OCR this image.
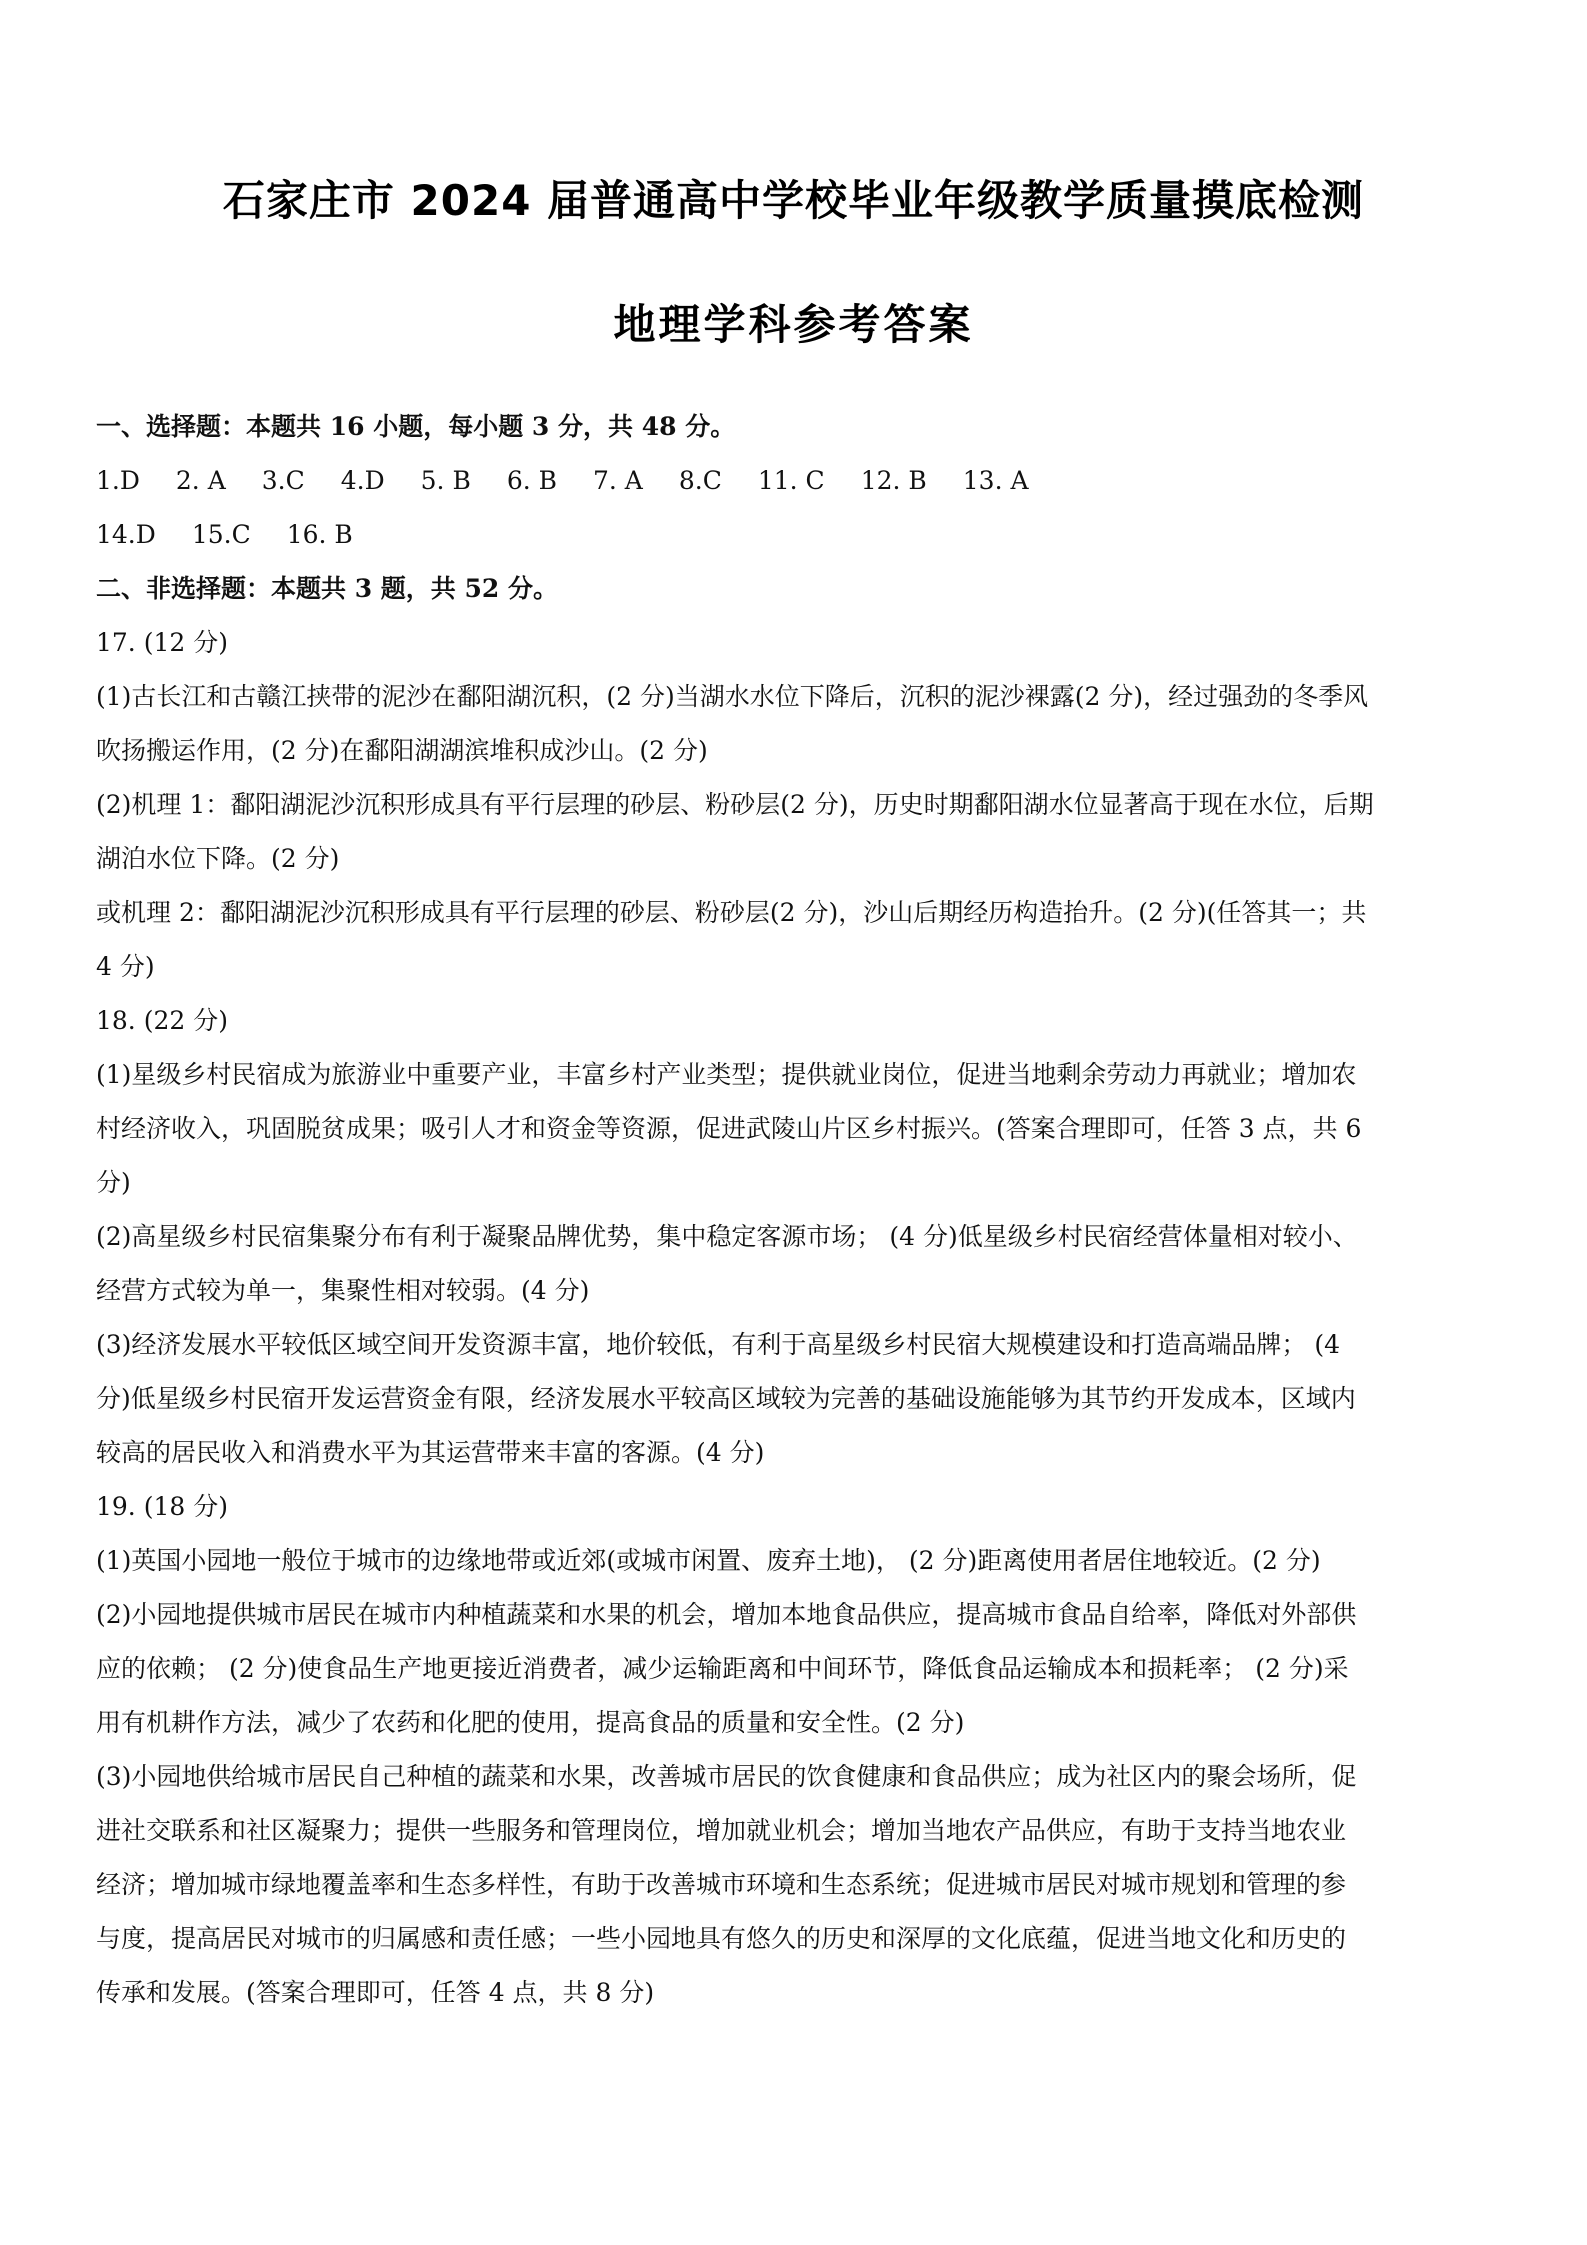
石家庄市 2024 届普通高中学校毕业年级教学质量摸底检测
地理学科参考答案
一、选择题：本题共 16 小题，每小题 3 分，共 48 分。
1.D 2. A 3.C 4.D 5. B 6. B 7. A 8.C 11. C 12. B 13. A
14.D 15.C 16. B
二、非选择题：本题共 3 题，共 52 分。
17. (12 分)
(1)古长江和古赣江挟带的泥沙在鄱阳湖沉积，(2 分)当湖水水位下降后，沉积的泥沙裸露(2 分)，经过强劲的冬季风
吹扬搬运作用，(2 分)在鄱阳湖湖滨堆积成沙山。(2 分)
(2)机理 1：鄱阳湖泥沙沉积形成具有平行层理的砂层、粉砂层(2 分)，历史时期鄱阳湖水位显著高于现在水位，后期
湖泊水位下降。(2 分)
或机理 2：鄱阳湖泥沙沉积形成具有平行层理的砂层、粉砂层(2 分)，沙山后期经历构造抬升。(2 分)(任答其一；共
4 分)
18. (22 分)
(1)星级乡村民宿成为旅游业中重要产业，丰富乡村产业类型；提供就业岗位，促进当地剩余劳动力再就业；增加农
村经济收入，巩固脱贫成果；吸引人才和资金等资源，促进武陵山片区乡村振兴。(答案合理即可，任答 3 点，共 6
分)
(2)高星级乡村民宿集聚分布有利于凝聚品牌优势，集中稳定客源市场； (4 分)低星级乡村民宿经营体量相对较小、
经营方式较为单一，集聚性相对较弱。(4 分)
(3)经济发展水平较低区域空间开发资源丰富，地价较低，有利于高星级乡村民宿大规模建设和打造高端品牌； (4
分)低星级乡村民宿开发运营资金有限，经济发展水平较高区域较为完善的基础设施能够为其节约开发成本，区域内
较高的居民收入和消费水平为其运营带来丰富的客源。(4 分)
19. (18 分)
(1)英国小园地一般位于城市的边缘地带或近郊(或城市闲置、废弃土地)， (2 分)距离使用者居住地较近。(2 分)
(2)小园地提供城市居民在城市内种植蔬菜和水果的机会，增加本地食品供应，提高城市食品自给率，降低对外部供
应的依赖； (2 分)使食品生产地更接近消费者，减少运输距离和中间环节，降低食品运输成本和损耗率； (2 分)采
用有机耕作方法，减少了农药和化肥的使用，提高食品的质量和安全性。(2 分)
(3)小园地供给城市居民自己种植的蔬菜和水果，改善城市居民的饮食健康和食品供应；成为社区内的聚会场所，促
进社交联系和社区凝聚力；提供一些服务和管理岗位，增加就业机会；增加当地农产品供应，有助于支持当地农业
经济；增加城市绿地覆盖率和生态多样性，有助于改善城市环境和生态系统；促进城市居民对城市规划和管理的参
与度，提高居民对城市的归属感和责任感；一些小园地具有悠久的历史和深厚的文化底蕴，促进当地文化和历史的
传承和发展。(答案合理即可，任答 4 点，共 8 分)
